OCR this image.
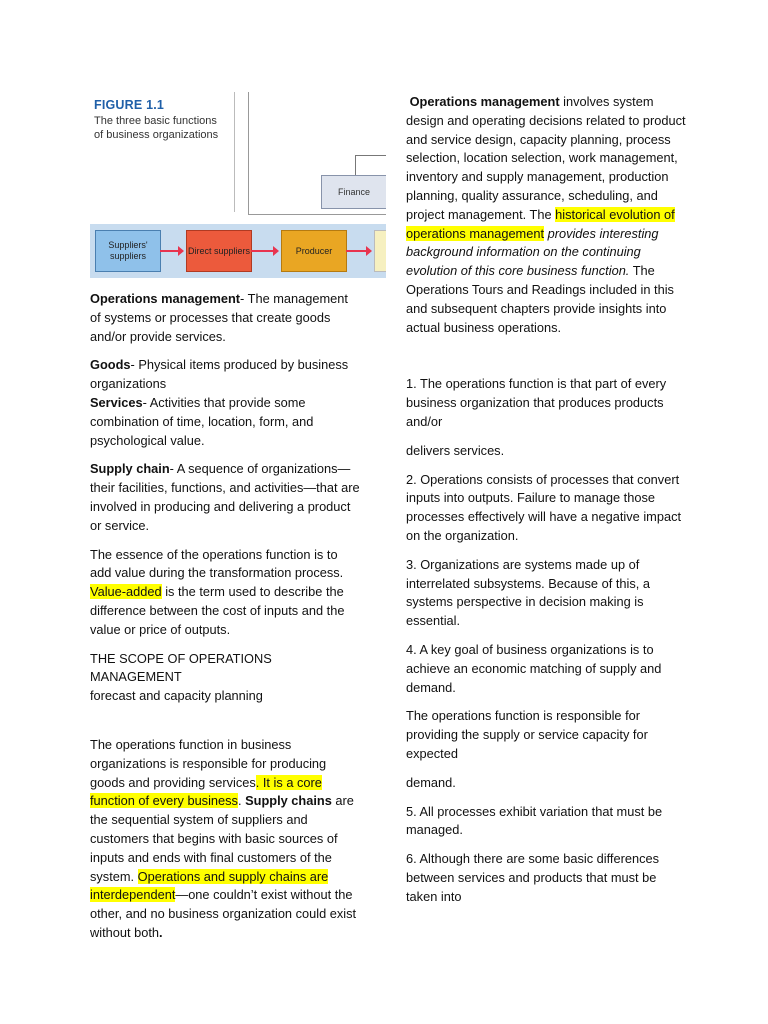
FIGURE 1.1
The three basic functions
of business organizations
Finance
Suppliers' suppliers
Direct suppliers	Producer

Operations management- The management of systems or processes that create goods and/or provide services.

Goods- Physical items produced by business organizations

Services- Activities that provide some combination of time, location, form, and psychological value.

Supply chain- A sequence of organizations—their facilities, functions, and activities—that are involved in producing and delivering a product or service.

The essence of the operations function is to add value during the transformation process. Value-added is the term used to describe the difference between the cost of inputs and the value or price of outputs.

THE SCOPE OF OPERATIONS MANAGEMENT
forecast and capacity planning

The operations function in business organizations is responsible for producing goods and providing services. It is a core function of every business. Supply chains are the sequential system of suppliers and customers that begins with basic sources of inputs and ends with final customers of the system. Operations and supply chains are interdependent—one couldn’t exist without the other, and no business organization could exist without both.

Operations management involves system design and operating decisions related to product and service design, capacity planning, process selection, location selection, work management, inventory and supply management, production planning, quality assurance, scheduling, and project management. The historical evolution of operations management provides interesting background information on the continuing evolution of this core business function. The Operations Tours and Readings included in this and subsequent chapters provide insights into actual business operations.

1. The operations function is that part of every business organization that produces products and/or

delivers services.

2. Operations consists of processes that convert inputs into outputs. Failure to manage those processes effectively will have a negative impact on the organization.

3. Organizations are systems made up of interrelated subsystems. Because of this, a systems perspective in decision making is essential.

4. A key goal of business organizations is to achieve an economic matching of supply and demand.

The operations function is responsible for providing the supply or service capacity for expected

demand.

5. All processes exhibit variation that must be managed.

6. Although there are some basic differences between services and products that must be taken into
